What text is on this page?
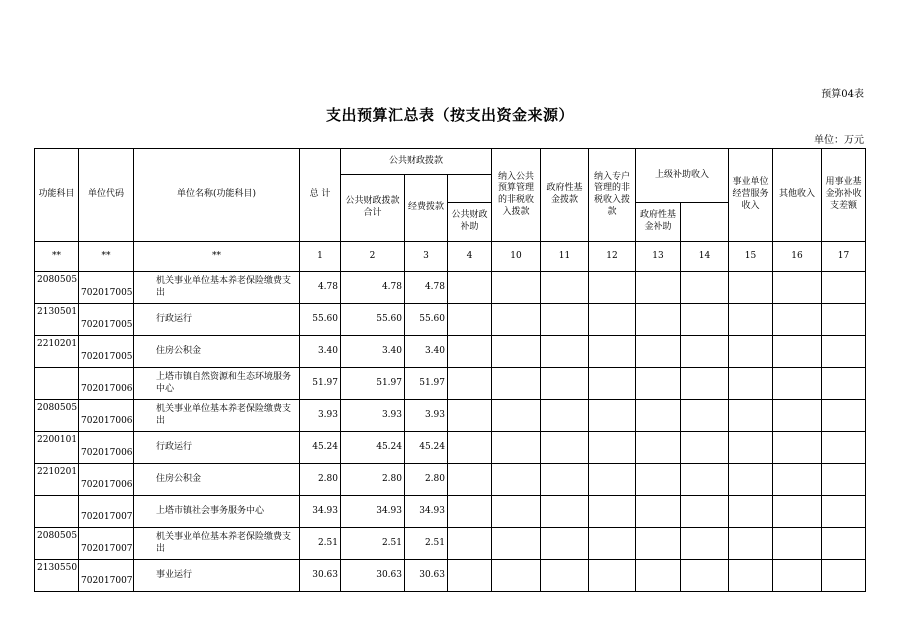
预算04表
支出预算汇总表（按支出资金来源）
单位：万元
功能科目	单位代码	单位名称(功能科目)	总 计	公共财政拨款			纳入公共预算管理的非税收入拨款	政府性基金拨款	纳入专户管理的非税收入拨款	上级补助收入		事业单位经营服务收入	其他收入	用事业基金弥补收支差额	
				公共财政拨款合计	经费拨款										
						公共财政补助				政府性基金补助					
**	**	**	1	2	3	4	10	11	12	13	14	15	16	17	
2080505	702017005	机关事业单位基本养老保险缴费支出	4.78	4.78	4.78										
2130501	702017005	行政运行	55.60	55.60	55.60										
2210201	702017005	住房公积金	3.40	3.40	3.40										
	702017006	上塔市镇自然资源和生态环境服务中心	51.97	51.97	51.97										
2080505	702017006	机关事业单位基本养老保险缴费支出	3.93	3.93	3.93										
2200101	702017006	行政运行	45.24	45.24	45.24										
2210201	702017006	住房公积金	2.80	2.80	2.80										
	702017007	上塔市镇社会事务服务中心	34.93	34.93	34.93										
2080505	702017007	机关事业单位基本养老保险缴费支出	2.51	2.51	2.51										
2130550	702017007	事业运行	30.63	30.63	30.63										
